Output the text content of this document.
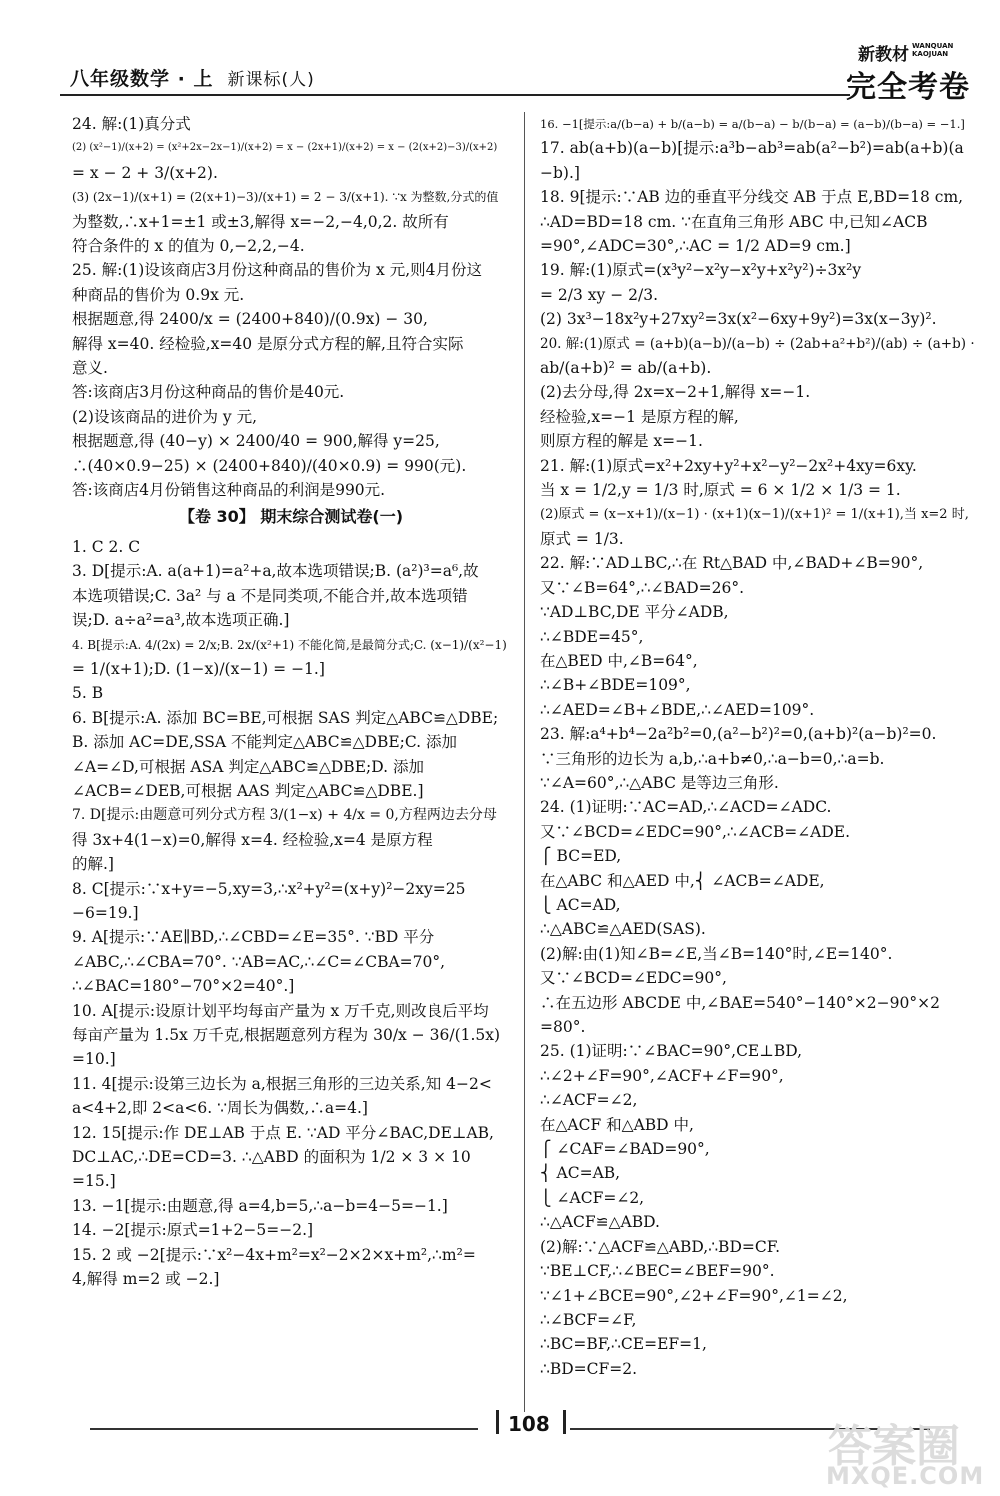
八年级数学 · 上 新课标(人)
新教材 WANQUAN KAOJUAN
完全考卷
24. 解:(1)真分式
(2) (x²−1)/(x+2) = (x²+2x−2x−1)/(x+2) = x − (2x+1)/(x+2) = x − (2(x+2)−3)/(x+2)
= x − 2 + 3/(x+2).
(3) (2x−1)/(x+1) = (2(x+1)−3)/(x+1) = 2 − 3/(x+1). ∵x 为整数,分式的值
为整数,∴x+1=±1 或±3,解得 x=−2,−4,0,2. 故所有
符合条件的 x 的值为 0,−2,2,−4.
25. 解:(1)设该商店3月份这种商品的售价为 x 元,则4月份这
种商品的售价为 0.9x 元.
根据题意,得 2400/x = (2400+840)/(0.9x) − 30,
解得 x=40. 经检验,x=40 是原分式方程的解,且符合实际
意义.
答:该商店3月份这种商品的售价是40元.
(2)设该商品的进价为 y 元,
根据题意,得 (40−y) × 2400/40 = 900,解得 y=25,
∴(40×0.9−25) × (2400+840)/(40×0.9) = 990(元).
答:该商店4月份销售这种商品的利润是990元.
【卷 30】 期末综合测试卷(一)
1. C 2. C
3. D[提示:A. a(a+1)=a²+a,故本选项错误;B. (a²)³=a⁶,故
本选项错误;C. 3a² 与 a 不是同类项,不能合并,故本选项错
误;D. a÷a²=a³,故本选项正确.]
4. B[提示:A. 4/(2x) = 2/x;B. 2x/(x²+1) 不能化简,是最简分式;C. (x−1)/(x²−1)
= 1/(x+1);D. (1−x)/(x−1) = −1.]
5. B
6. B[提示:A. 添加 BC=BE,可根据 SAS 判定△ABC≌△DBE;
B. 添加 AC=DE,SSA 不能判定△ABC≌△DBE;C. 添加
∠A=∠D,可根据 ASA 判定△ABC≌△DBE;D. 添加
∠ACB=∠DEB,可根据 AAS 判定△ABC≌△DBE.]
7. D[提示:由题意可列分式方程 3/(1−x) + 4/x = 0,方程两边去分母
得 3x+4(1−x)=0,解得 x=4. 经检验,x=4 是原方程
的解.]
8. C[提示:∵x+y=−5,xy=3,∴x²+y²=(x+y)²−2xy=25
−6=19.]
9. A[提示:∵AE∥BD,∴∠CBD=∠E=35°. ∵BD 平分
∠ABC,∴∠CBA=70°. ∵AB=AC,∴∠C=∠CBA=70°,
∴∠BAC=180°−70°×2=40°.]
10. A[提示:设原计划平均每亩产量为 x 万千克,则改良后平均
每亩产量为 1.5x 万千克,根据题意列方程为 30/x − 36/(1.5x)
=10.]
11. 4[提示:设第三边长为 a,根据三角形的三边关系,知 4−2<
a<4+2,即 2<a<6. ∵周长为偶数,∴a=4.]
12. 15[提示:作 DE⊥AB 于点 E. ∵AD 平分∠BAC,DE⊥AB,
DC⊥AC,∴DE=CD=3. ∴△ABD 的面积为 1/2 × 3 × 10
=15.]
13. −1[提示:由题意,得 a=4,b=5,∴a−b=4−5=−1.]
14. −2[提示:原式=1+2−5=−2.]
15. 2 或 −2[提示:∵x²−4x+m²=x²−2×2×x+m²,∴m²=
4,解得 m=2 或 −2.]
16. −1[提示:a/(b−a) + b/(a−b) = a/(b−a) − b/(b−a) = (a−b)/(b−a) = −1.]
17. ab(a+b)(a−b)[提示:a³b−ab³=ab(a²−b²)=ab(a+b)(a
−b).]
18. 9[提示:∵AB 边的垂直平分线交 AB 于点 E,BD=18 cm,
∴AD=BD=18 cm. ∵在直角三角形 ABC 中,已知∠ACB
=90°,∠ADC=30°,∴AC = 1/2 AD=9 cm.]
19. 解:(1)原式=(x³y²−x²y−x²y+x²y²)÷3x²y
= 2/3 xy − 2/3.
(2) 3x³−18x²y+27xy²=3x(x²−6xy+9y²)=3x(x−3y)².
20. 解:(1)原式 = (a+b)(a−b)/(a−b) ÷ (2ab+a²+b²)/(ab) ÷ (a+b) ·
ab/(a+b)² = ab/(a+b).
(2)去分母,得 2x=x−2+1,解得 x=−1.
经检验,x=−1 是原方程的解,
则原方程的解是 x=−1.
21. 解:(1)原式=x²+2xy+y²+x²−y²−2x²+4xy=6xy.
当 x = 1/2,y = 1/3 时,原式 = 6 × 1/2 × 1/3 = 1.
(2)原式 = (x−x+1)/(x−1) · (x+1)(x−1)/(x+1)² = 1/(x+1),当 x=2 时,
原式 = 1/3.
22. 解:∵AD⊥BC,∴在 Rt△BAD 中,∠BAD+∠B=90°,
又∵∠B=64°,∴∠BAD=26°.
∵AD⊥BC,DE 平分∠ADB,
∴∠BDE=45°,
在△BED 中,∠B=64°,
∴∠B+∠BDE=109°,
∴∠AED=∠B+∠BDE,∴∠AED=109°.
23. 解:a⁴+b⁴−2a²b²=0,(a²−b²)²=0,(a+b)²(a−b)²=0.
∵三角形的边长为 a,b,∴a+b≠0,∴a−b=0,∴a=b.
∵∠A=60°,∴△ABC 是等边三角形.
24. (1)证明:∵AC=AD,∴∠ACD=∠ADC.
又∵∠BCD=∠EDC=90°,∴∠ACB=∠ADE.
⎧ BC=ED,
在△ABC 和△AED 中,⎨ ∠ACB=∠ADE,
⎩ AC=AD,
∴△ABC≌△AED(SAS).
(2)解:由(1)知∠B=∠E,当∠B=140°时,∠E=140°.
又∵∠BCD=∠EDC=90°,
∴在五边形 ABCDE 中,∠BAE=540°−140°×2−90°×2
=80°.
25. (1)证明:∵∠BAC=90°,CE⊥BD,
∴∠2+∠F=90°,∠ACF+∠F=90°,
∴∠ACF=∠2,
在△ACF 和△ABD 中,
⎧ ∠CAF=∠BAD=90°,
⎨ AC=AB,
⎩ ∠ACF=∠2,
∴△ACF≌△ABD.
(2)解:∵△ACF≌△ABD,∴BD=CF.
∵BE⊥CF,∴∠BEC=∠BEF=90°.
∵∠1+∠BCE=90°,∠2+∠F=90°,∠1=∠2,
∴∠BCF=∠F,
∴BC=BF,∴CE=EF=1,
∴BD=CF=2.
108	答案圈
MXQE.COM
